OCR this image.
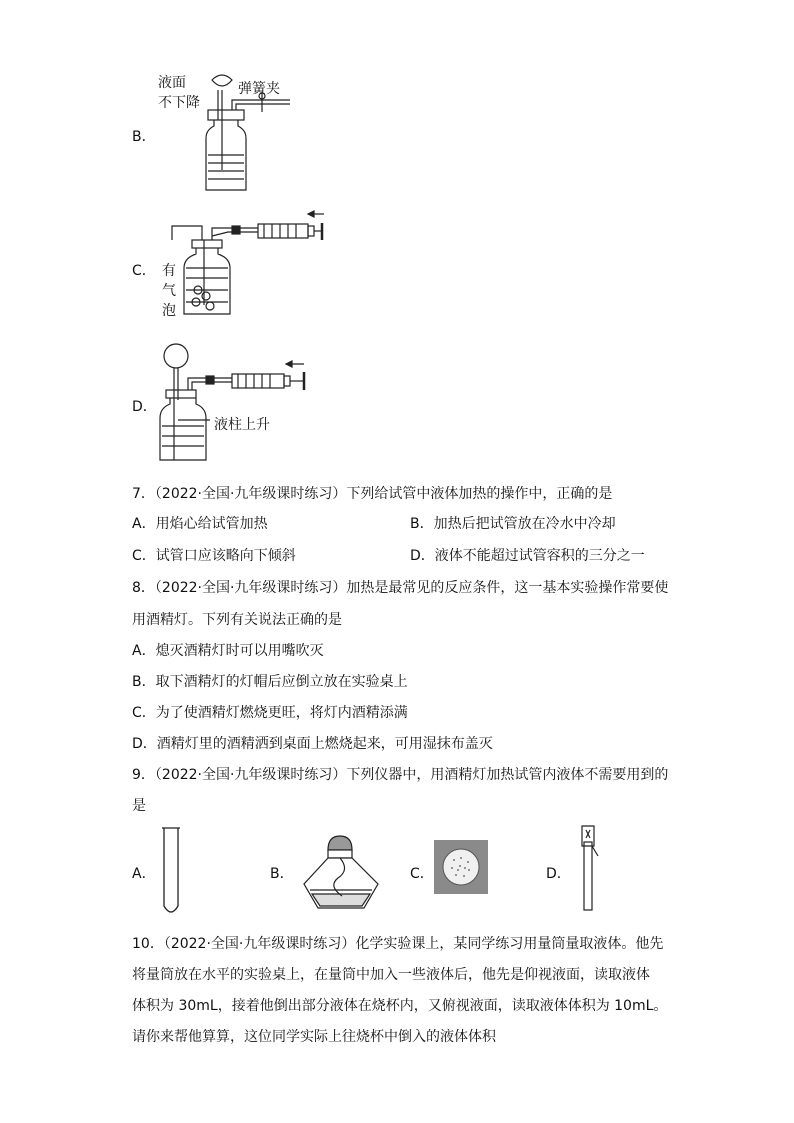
B．
液面
不下降
弹簧夹
C． 有
气
泡
D．
液柱上升
7．（2022·全国·九年级课时练习）下列给试管中液体加热的操作中，正确的是
A．用焰心给试管加热	B．加热后把试管放在冷水中冷却
C．试管口应该略向下倾斜	D．液体不能超过试管容积的三分之一
8．（2022·全国·九年级课时练习）加热是最常见的反应条件，这一基本实验操作常要使
用酒精灯。下列有关说法正确的是
A．熄灭酒精灯时可以用嘴吹灭
B．取下酒精灯的灯帽后应倒立放在实验桌上
C．为了使酒精灯燃烧更旺，将灯内酒精添满
D．酒精灯里的酒精洒到桌面上燃烧起来，可用湿抹布盖灭
9．（2022·全国·九年级课时练习）下列仪器中，用酒精灯加热试管内液体不需要用到的
是
A．	B．	C．	D．
10．（2022·全国·九年级课时练习）化学实验课上，某同学练习用量筒量取液体。他先
将量筒放在水平的实验桌上，在量筒中加入一些液体后，他先是仰视液面，读取液体
体积为 30mL，接着他倒出部分液体在烧杯内，又俯视液面，读取液体体积为 10mL。
请你来帮他算算，这位同学实际上往烧杯中倒入的液体体积
